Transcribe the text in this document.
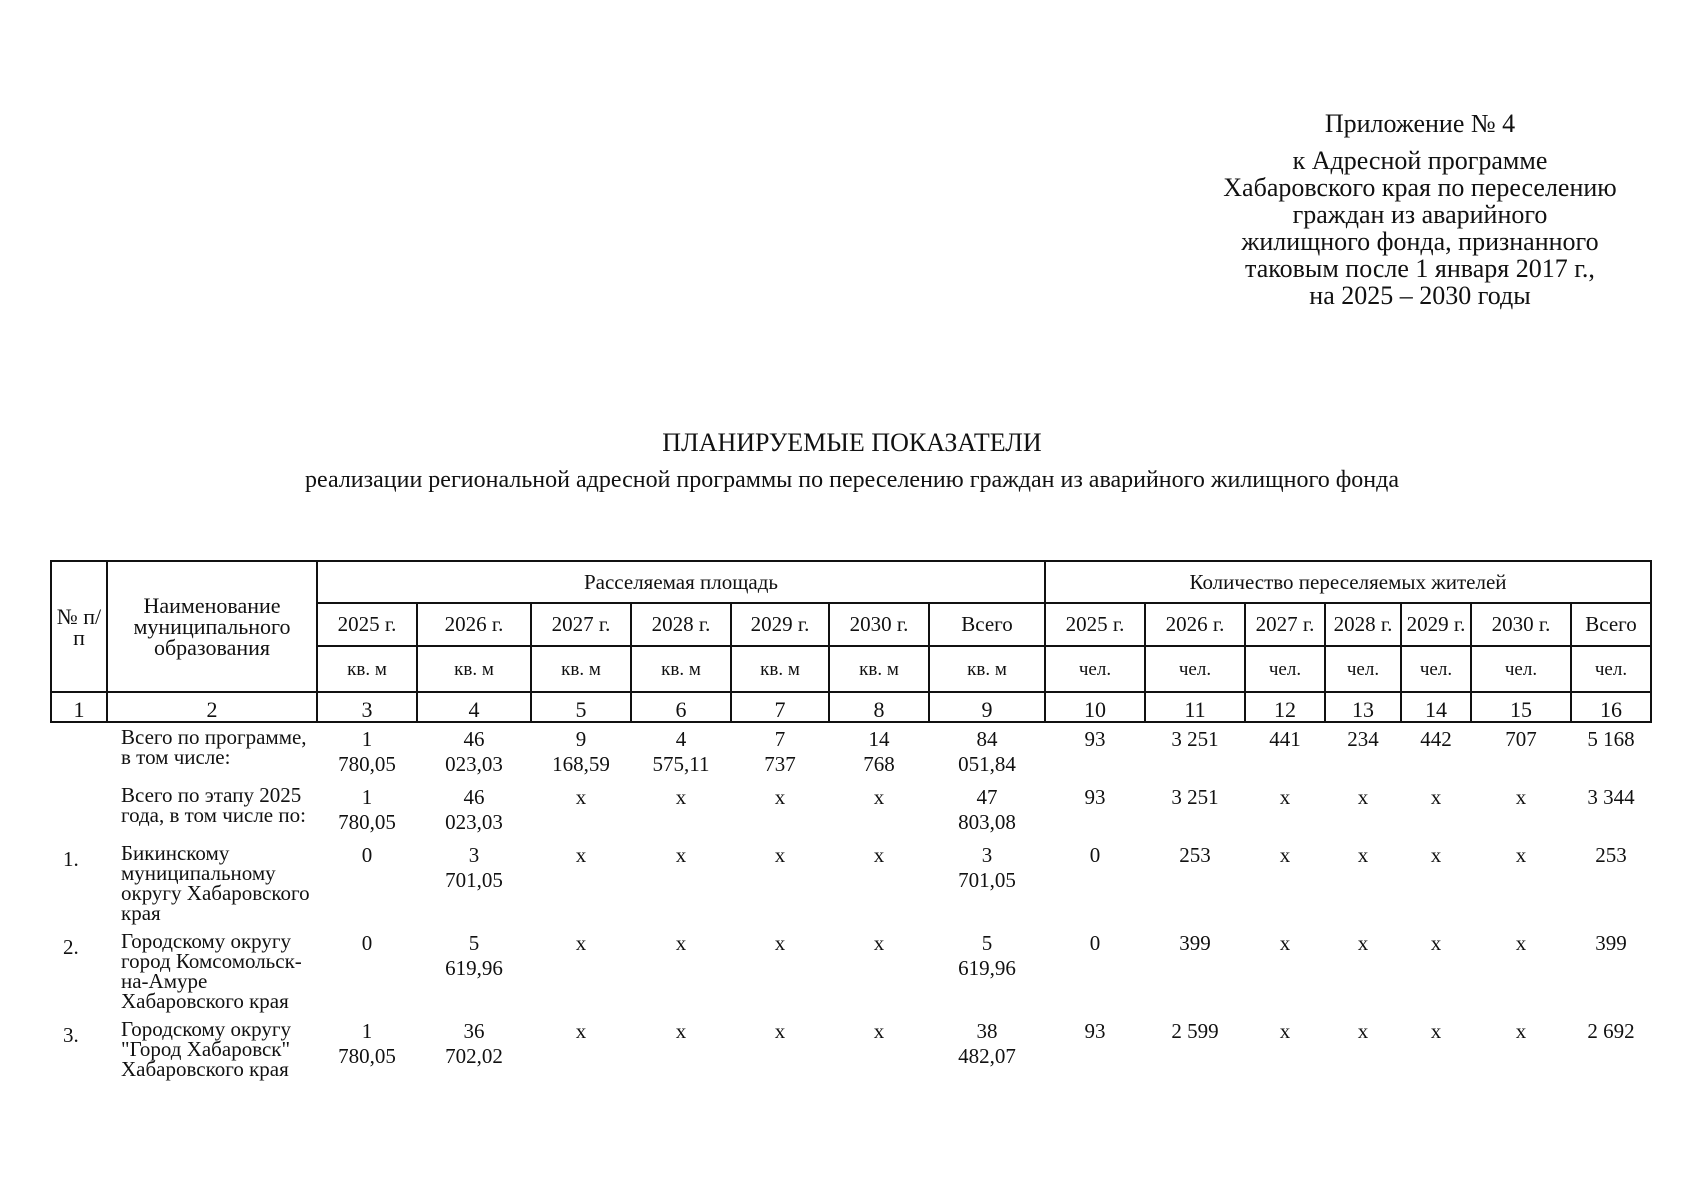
Приложение № 4
к Адресной программе
Хабаровского края по переселению
граждан из аварийного
жилищного фонда, признанного
таковым после 1 января 2017 г.,
на 2025 – 2030 годы
ПЛАНИРУЕМЫЕ ПОКАЗАТЕЛИ
реализации региональной адресной программы по переселению граждан из аварийного жилищного фонда
№ п/п	Наименование муниципального образования	Расселяемая площадь							Количество переселяемых жителей						
		2025 г.	2026 г.	2027 г.	2028 г.	2029 г.	2030 г.	Всего	2025 г.	2026 г.	2027 г.	2028 г.	2029 г.	2030 г.	Всего
		кв. м	кв. м	кв. м	кв. м	кв. м	кв. м	кв. м	чел.	чел.	чел.	чел.	чел.	чел.	чел.
1	2	3	4	5	6	7	8	9	10	11	12	13	14	15	16
	Всего по программе, в том числе:	1 780,05	46 023,03	9 168,59	4 575,11	7 737	14 768	84 051,84	93	3 251	441	234	442	707	5 168
	Всего по этапу 2025 года, в том числе по:	1 780,05	46 023,03	х	х	х	х	47 803,08	93	3 251	х	х	х	х	3 344
1.	Бикинскому муниципальному округу Хабаровского края	0	3 701,05	х	х	х	х	3 701,05	0	253	х	х	х	х	253
2.	Городскому округу город Комсомольск-на-Амуре Хабаровского края	0	5 619,96	х	х	х	х	5 619,96	0	399	х	х	х	х	399
3.	Городскому округу "Город Хабаровск" Хабаровского края	1 780,05	36 702,02	х	х	х	х	38 482,07	93	2 599	х	х	х	х	2 692
